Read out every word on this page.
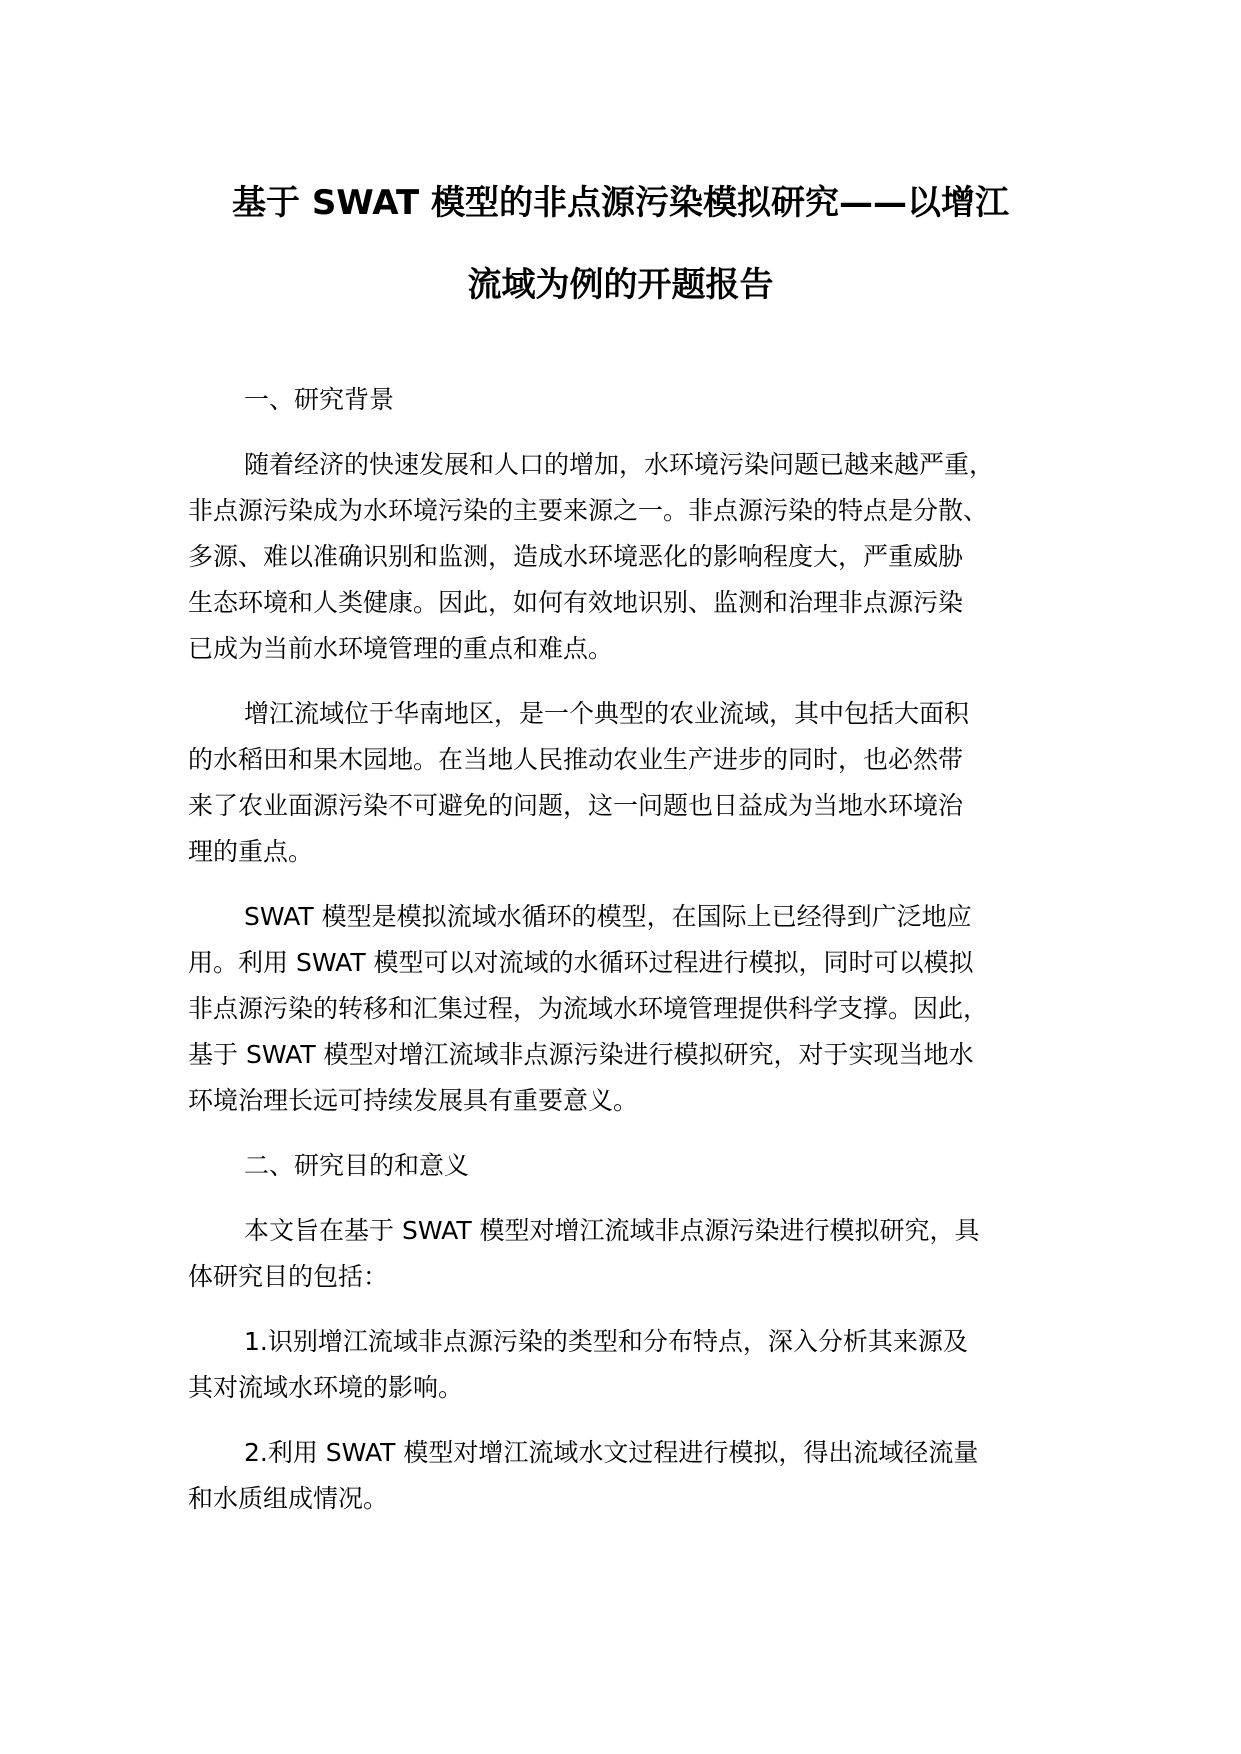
基于 SWAT 模型的非点源污染模拟研究——以增江
流域为例的开题报告

一、研究背景

随着经济的快速发展和人口的增加，水环境污染问题已越来越严重，
非点源污染成为水环境污染的主要来源之一。非点源污染的特点是分散、
多源、难以准确识别和监测，造成水环境恶化的影响程度大，严重威胁
生态环境和人类健康。因此，如何有效地识别、监测和治理非点源污染
已成为当前水环境管理的重点和难点。

增江流域位于华南地区，是一个典型的农业流域，其中包括大面积
的水稻田和果木园地。在当地人民推动农业生产进步的同时，也必然带
来了农业面源污染不可避免的问题，这一问题也日益成为当地水环境治
理的重点。

SWAT 模型是模拟流域水循环的模型，在国际上已经得到广泛地应
用。利用 SWAT 模型可以对流域的水循环过程进行模拟，同时可以模拟
非点源污染的转移和汇集过程，为流域水环境管理提供科学支撑。因此，
基于 SWAT 模型对增江流域非点源污染进行模拟研究，对于实现当地水
环境治理长远可持续发展具有重要意义。

二、研究目的和意义

本文旨在基于 SWAT 模型对增江流域非点源污染进行模拟研究，具
体研究目的包括：

1.识别增江流域非点源污染的类型和分布特点，深入分析其来源及
其对流域水环境的影响。

2.利用 SWAT 模型对增江流域水文过程进行模拟，得出流域径流量
和水质组成情况。
